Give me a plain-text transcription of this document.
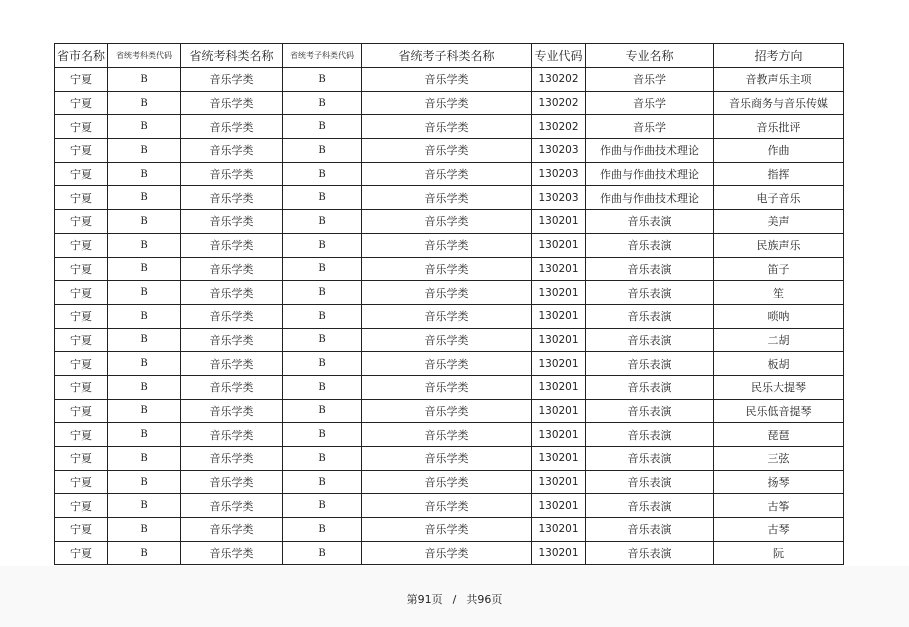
省市名称	省统考科类代码	省统考科类名称	省统考子科类代码	省统考子科类名称	专业代码	专业名称	招考方向
宁夏	B	音乐学类	B	音乐学类	130202	音乐学	音教声乐主项
宁夏	B	音乐学类	B	音乐学类	130202	音乐学	音乐商务与音乐传媒
宁夏	B	音乐学类	B	音乐学类	130202	音乐学	音乐批评
宁夏	B	音乐学类	B	音乐学类	130203	作曲与作曲技术理论	作曲
宁夏	B	音乐学类	B	音乐学类	130203	作曲与作曲技术理论	指挥
宁夏	B	音乐学类	B	音乐学类	130203	作曲与作曲技术理论	电子音乐
宁夏	B	音乐学类	B	音乐学类	130201	音乐表演	美声
宁夏	B	音乐学类	B	音乐学类	130201	音乐表演	民族声乐
宁夏	B	音乐学类	B	音乐学类	130201	音乐表演	笛子
宁夏	B	音乐学类	B	音乐学类	130201	音乐表演	笙
宁夏	B	音乐学类	B	音乐学类	130201	音乐表演	唢呐
宁夏	B	音乐学类	B	音乐学类	130201	音乐表演	二胡
宁夏	B	音乐学类	B	音乐学类	130201	音乐表演	板胡
宁夏	B	音乐学类	B	音乐学类	130201	音乐表演	民乐大提琴
宁夏	B	音乐学类	B	音乐学类	130201	音乐表演	民乐低音提琴
宁夏	B	音乐学类	B	音乐学类	130201	音乐表演	琵琶
宁夏	B	音乐学类	B	音乐学类	130201	音乐表演	三弦
宁夏	B	音乐学类	B	音乐学类	130201	音乐表演	扬琴
宁夏	B	音乐学类	B	音乐学类	130201	音乐表演	古筝
宁夏	B	音乐学类	B	音乐学类	130201	音乐表演	古琴
宁夏	B	音乐学类	B	音乐学类	130201	音乐表演	阮
第91页 / 共96页
